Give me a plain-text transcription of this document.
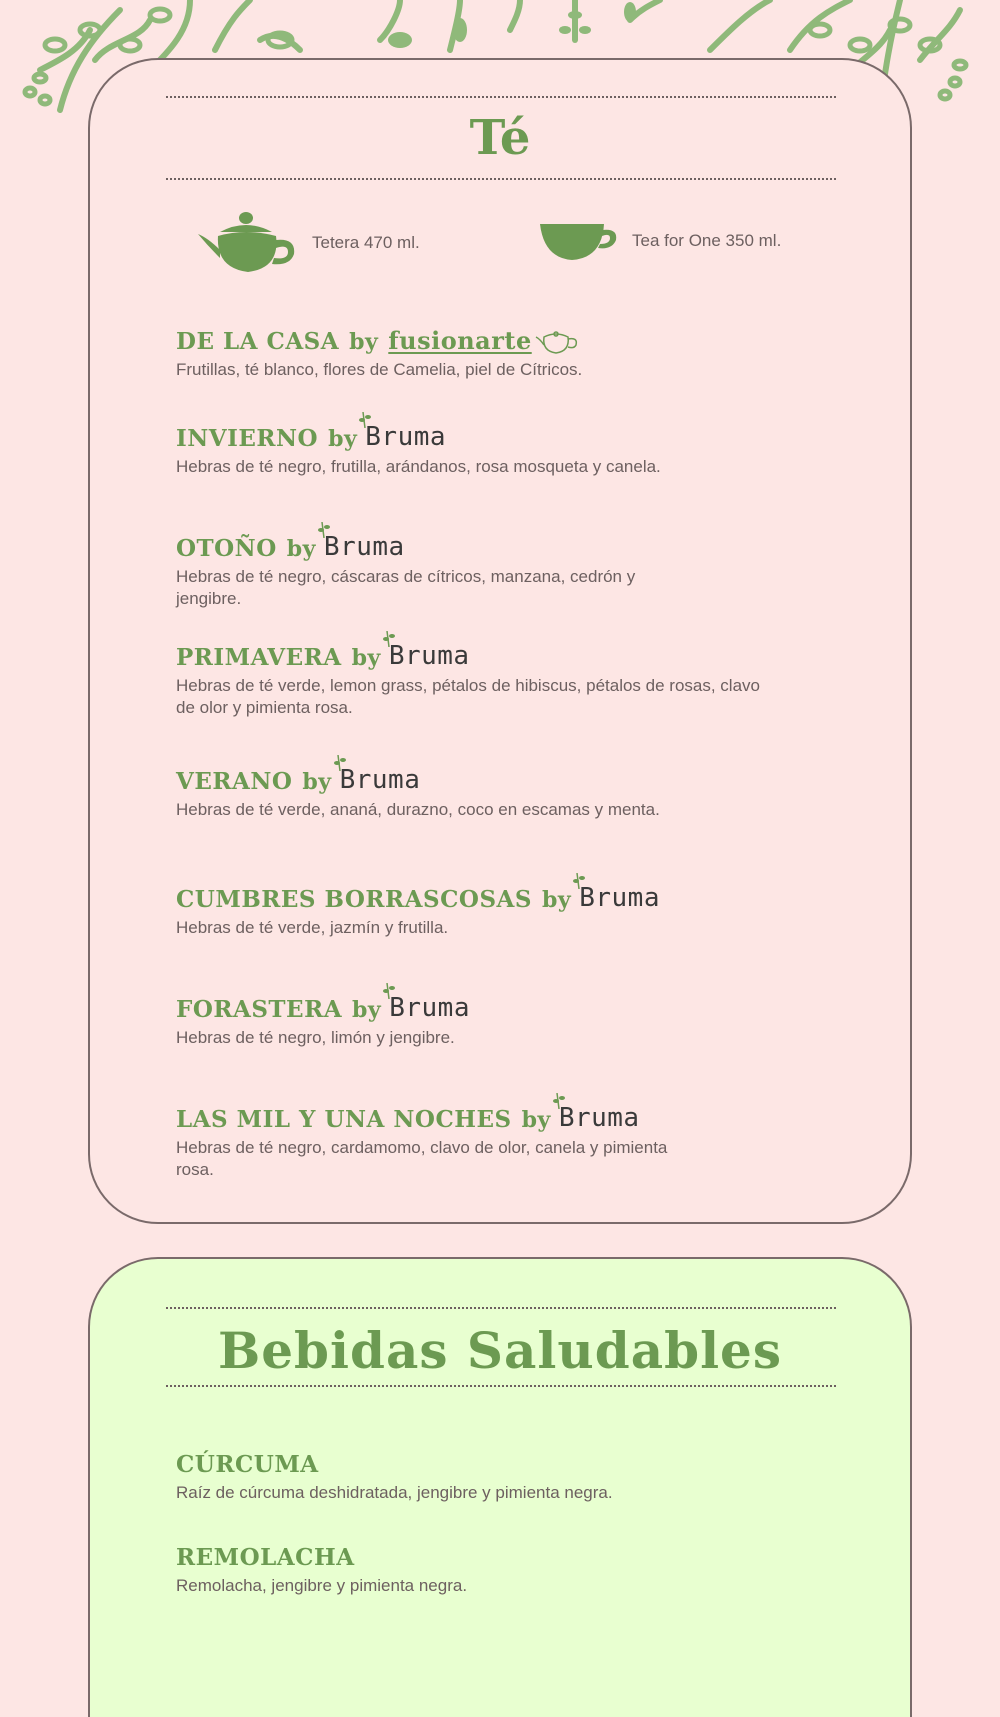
Té
Tetera 470 ml.	Tea for One 350 ml.
DE LA CASA by fusionarte
Frutillas, té blanco, flores de Camelia, piel de Cítricos.
INVIERNO by Bruma
Hebras de té negro, frutilla, arándanos, rosa mosqueta y canela.
OTOÑO by Bruma
Hebras de té negro, cáscaras de cítricos, manzana, cedrón y jengibre.
PRIMAVERA by Bruma
Hebras de té verde, lemon grass, pétalos de hibiscus, pétalos de rosas, clavo de olor y pimienta rosa.
VERANO by Bruma
Hebras de té verde, ananá, durazno, coco en escamas y menta.
CUMBRES BORRASCOSAS by Bruma
Hebras de té verde, jazmín y frutilla.
FORASTERA by Bruma
Hebras de té negro, limón y jengibre.
LAS MIL Y UNA NOCHES by Bruma
Hebras de té negro, cardamomo, clavo de olor, canela y pimienta rosa.
Bebidas Saludables
CÚRCUMA
Raíz de cúrcuma deshidratada, jengibre y pimienta negra.
REMOLACHA
Remolacha, jengibre y pimienta negra.
